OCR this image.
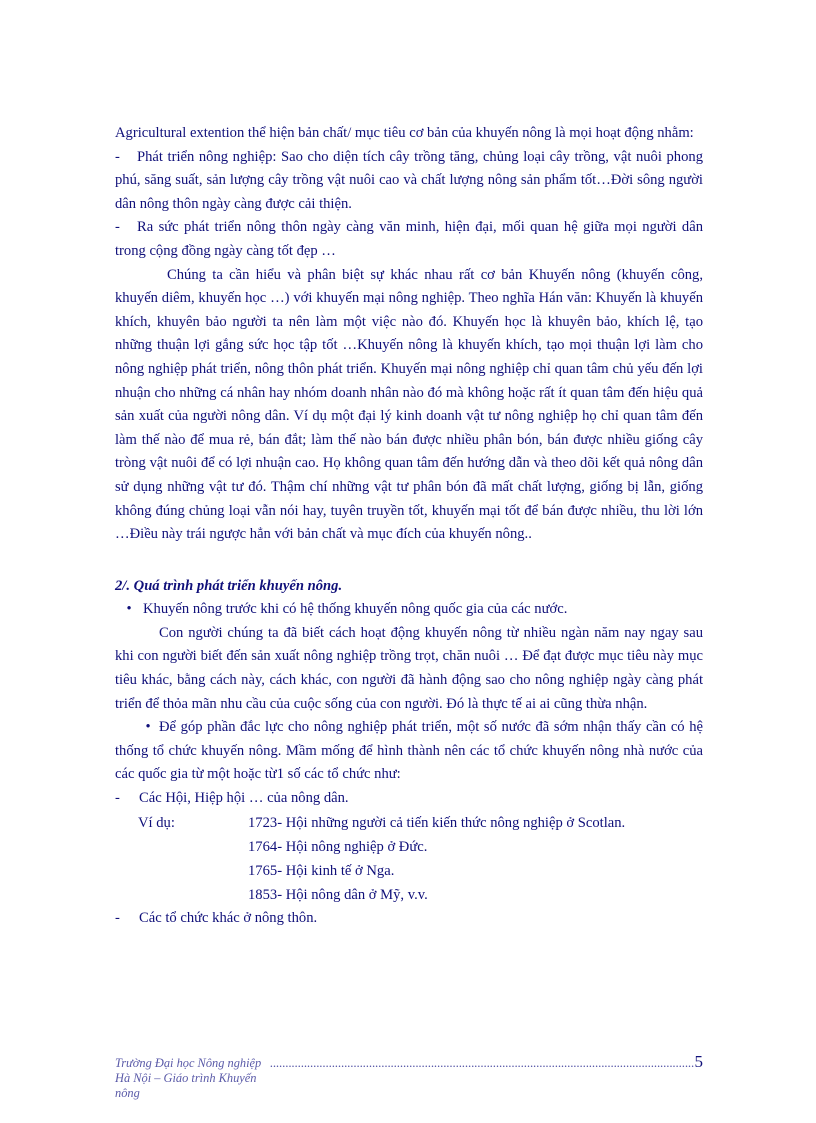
Agricultural extention thể hiện bản chất/ mục tiêu cơ bản của khuyến nông là mọi hoạt động nhằm:

- Phát triển nông nghiệp: Sao cho diện tích cây trồng tăng, chủng loại cây trồng, vật nuôi phong phú, săng suất, sản lượng cây trồng vật nuôi cao và chất lượng nông sản phẩm tốt…Đời sông người dân nông thôn ngày càng được cải thiện.

- Ra sức phát triển nông thôn ngày càng văn minh, hiện đại, mối quan hệ giữa mọi người dân trong cộng đồng ngày càng tốt đẹp …

Chúng ta cần hiểu và phân biệt sự khác nhau rất cơ bản Khuyến nông (khuyến công, khuyến diêm, khuyến học …) với khuyến mại nông nghiệp. Theo nghĩa Hán văn: Khuyến là khuyến khích, khuyên bảo người ta nên làm một việc nào đó. Khuyến học là khuyên bảo, khích lệ, tạo những thuận lợi gắng sức học tập tốt …Khuyến nông là khuyến khích, tạo mọi thuận lợi làm cho nông nghiệp phát triển, nông thôn phát triển. Khuyến mại nông nghiệp chỉ quan tâm chủ yếu đến lợi nhuận cho những cá nhân hay nhóm doanh nhân nào đó mà không hoặc rất ít quan tâm đến hiệu quả sản xuất của người nông dân. Ví dụ một đại lý kinh doanh vật tư nông nghiệp họ chỉ quan tâm đến làm thế nào để mua rẻ, bán đắt; làm thế nào bán được nhiều phân bón, bán được nhiều giống cây tròng vật nuôi để có lợi nhuận cao. Họ không quan tâm đến hướng dẫn và theo dõi kết quả nông dân sử dụng những vật tư đó. Thậm chí những vật tư phân bón đã mất chất lượng, giống bị lẫn, giống không đúng chủng loại vẫn nói hay, tuyên truyền tốt, khuyến mại tốt để bán được nhiều, thu lời lớn …Điều này trái ngược hẳn với bản chất và mục đích của khuyến nông..

2/. Quá trình phát triển khuyến nông.

• Khuyến nông trước khi có hệ thống khuyến nông quốc gia của các nước.

Con người chúng ta đã biết cách hoạt động khuyến nông từ nhiều ngàn năm nay ngay sau khi con người biết đến sản xuất nông nghiệp trồng trọt, chăn nuôi … Để đạt được mục tiêu này mục tiêu khác, bằng cách này, cách khác, con người đã hành động sao cho nông nghiệp ngày càng phát triển để thỏa mãn nhu cầu của cuộc sống của con người. Đó là thực tế ai ai cũng thừa nhận.

• Để góp phần đắc lực cho nông nghiệp phát triển, một số nước đã sớm nhận thấy cần có hệ thống tổ chức khuyến nông. Mầm mống để hình thành nên các tổ chức khuyến nông nhà nước của các quốc gia từ một hoặc từ1 số các tổ chức như:

- Các Hội, Hiệp hội … của nông dân.

Ví dụ:	1723- Hội những người cả tiến kiến thức nông nghiệp ở Scotlan.
1764- Hội nông nghiệp ở Đức.
1765- Hội kinh tế ở Nga.
1853- Hội nông dân ở Mỹ, v.v.

- Các tổ chức khác ở nông thôn.

Trường Đại học Nông nghiệp Hà Nội – Giáo trình Khuyến nông
......................................................................................................................................... 5
